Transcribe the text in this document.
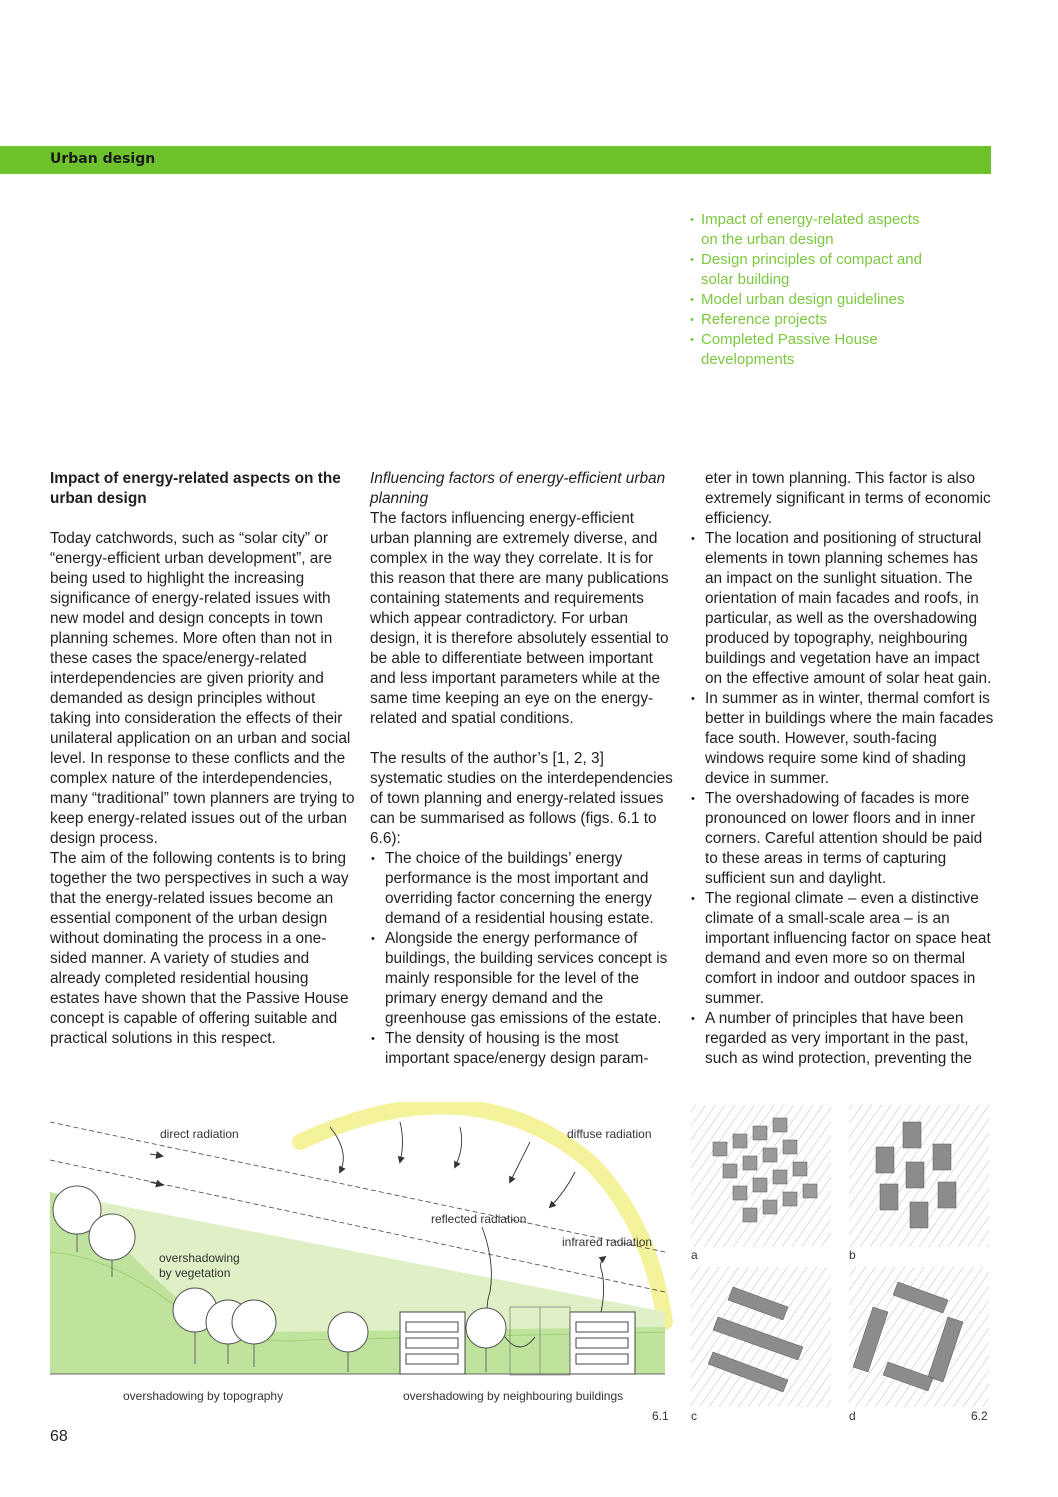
Urban design
• Impact of energy-related aspects
on the urban design
• Design principles of compact and
solar building
• Model urban design guidelines
• Reference projects
• Completed Passive House
developments

Impact of energy-related aspects on the urban design

Today catchwords, such as “solar city” or “energy-efficient urban development”, are being used to highlight the increasing significance of energy-related issues with new model and design concepts in town planning schemes. More often than not in these cases the space/energy-related interdependencies are given priority and demanded as design principles without taking into consideration the effects of their unilateral application on an urban and social level. In response to these conflicts and the complex nature of the interdependencies, many “traditional” town planners are trying to keep energy-related issues out of the urban design process.

The aim of the following contents is to bring together the two perspectives in such a way that the energy-related issues become an essential component of the urban design without dominating the process in a one-sided manner. A variety of studies and already completed residential housing estates have shown that the Passive House concept is capable of offering suitable and practical solutions in this respect.

Influencing factors of energy-efficient urban planning

The factors influencing energy-efficient urban planning are extremely diverse, and complex in the way they correlate. It is for this reason that there are many publications containing statements and requirements which appear contradictory. For urban design, it is therefore absolutely essential to be able to differentiate between important and less important parameters while at the same time keeping an eye on the energy-related and spatial conditions.

The results of the author’s [1, 2, 3] systematic studies on the interdependencies of town planning and energy-related issues can be summarised as follows (figs. 6.1 to 6.6):

• The choice of the buildings’ energy performance is the most important and overriding factor concerning the energy demand of a residential housing estate.
• Alongside the energy performance of buildings, the building services concept is mainly responsible for the level of the primary energy demand and the greenhouse gas emissions of the estate.
• The density of housing is the most important space/energy design param-

eter in town planning. This factor is also extremely significant in terms of economic efficiency.

• The location and positioning of structural elements in town planning schemes has an impact on the sunlight situation. The orientation of main facades and roofs, in particular, as well as the overshadowing produced by topography, neighbouring buildings and vegetation have an impact on the effective amount of solar heat gain.
• In summer as in winter, thermal comfort is better in buildings where the main facades face south. However, south-facing windows require some kind of shading device in summer.
• The overshadowing of facades is more pronounced on lower floors and in inner corners. Careful attention should be paid to these areas in terms of capturing sufficient sun and daylight.
• The regional climate – even a distinctive climate of a small-scale area – is an important influencing factor on space heat demand and even more so on thermal comfort in indoor and outdoor spaces in summer.
• A number of principles that have been regarded as very important in the past, such as wind protection, preventing the
direct radiation	diffuse radiation
reflected radiation
infrared radiation
overshadowing
by vegetation
overshadowing by topography	overshadowing by neighbouring buildings
6.1
a	b
c	d	6.2
68
